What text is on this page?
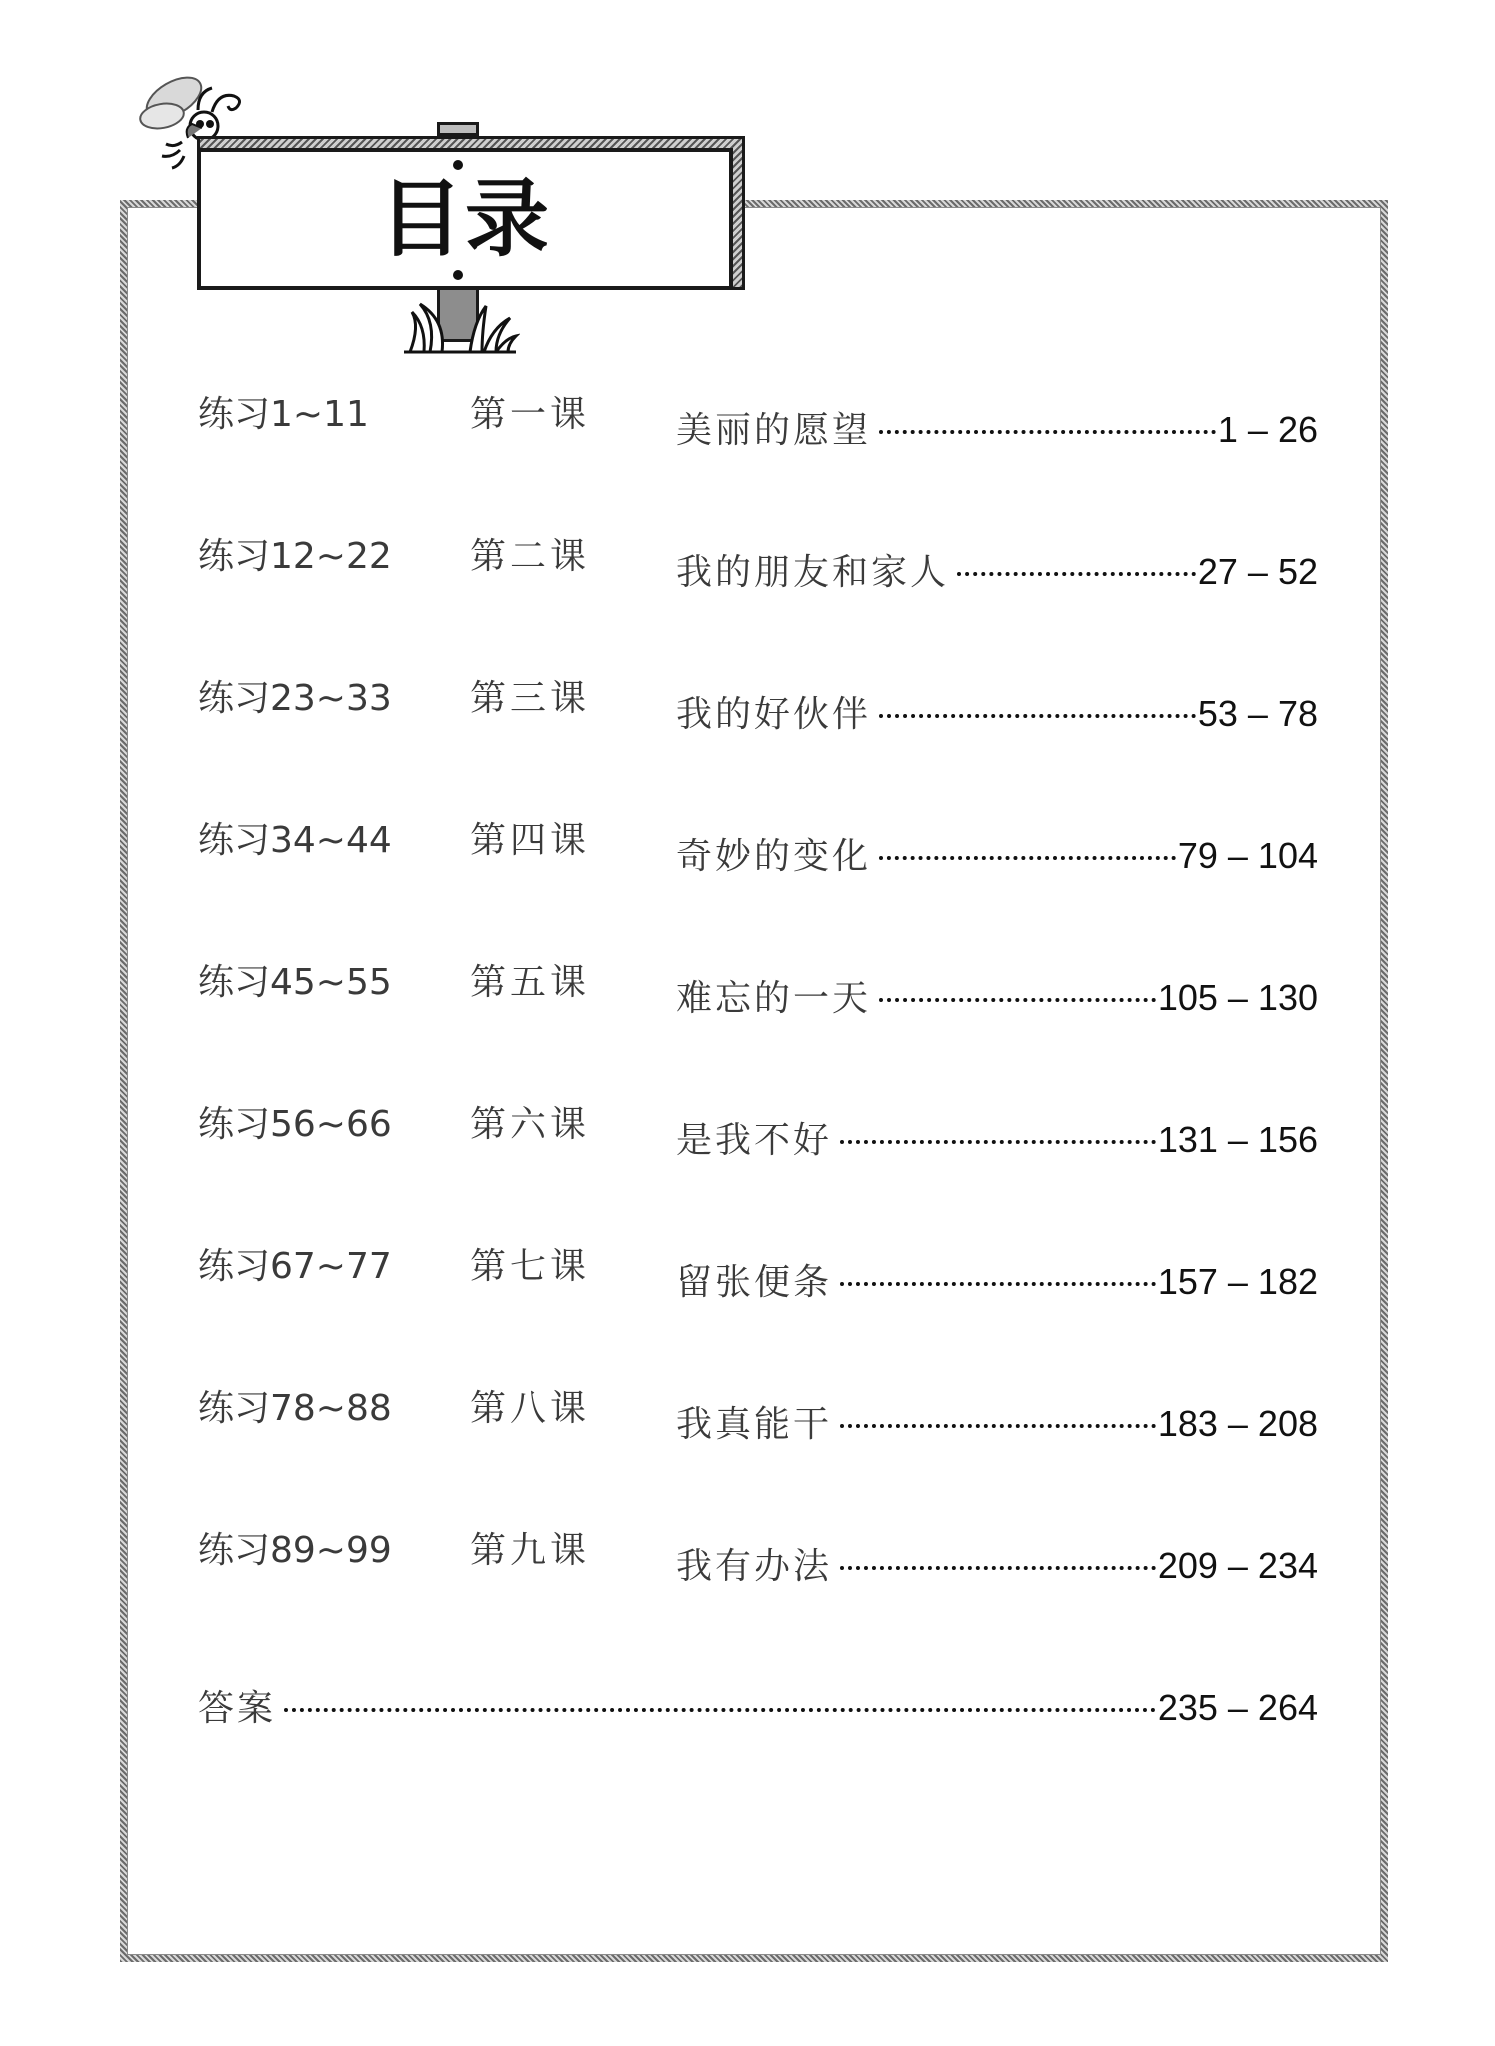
目录
练习1~11	第一课 美丽的愿望	1 – 26
练习12~22 第二课 我的朋友和家人	27 – 52
练习23~33 第三课 我的好伙伴	53 – 78
练习34~44 第四课 奇妙的变化	79 – 104
练习45~55 第五课 难忘的一天	105 – 130
练习56~66 第六课 是我不好	131 – 156
练习67~77 第七课 留张便条	157 – 182
练习78~88 第八课 我真能干	183 – 208
练习89~99 第九课 我有办法	209 – 234
答案	235 – 264
